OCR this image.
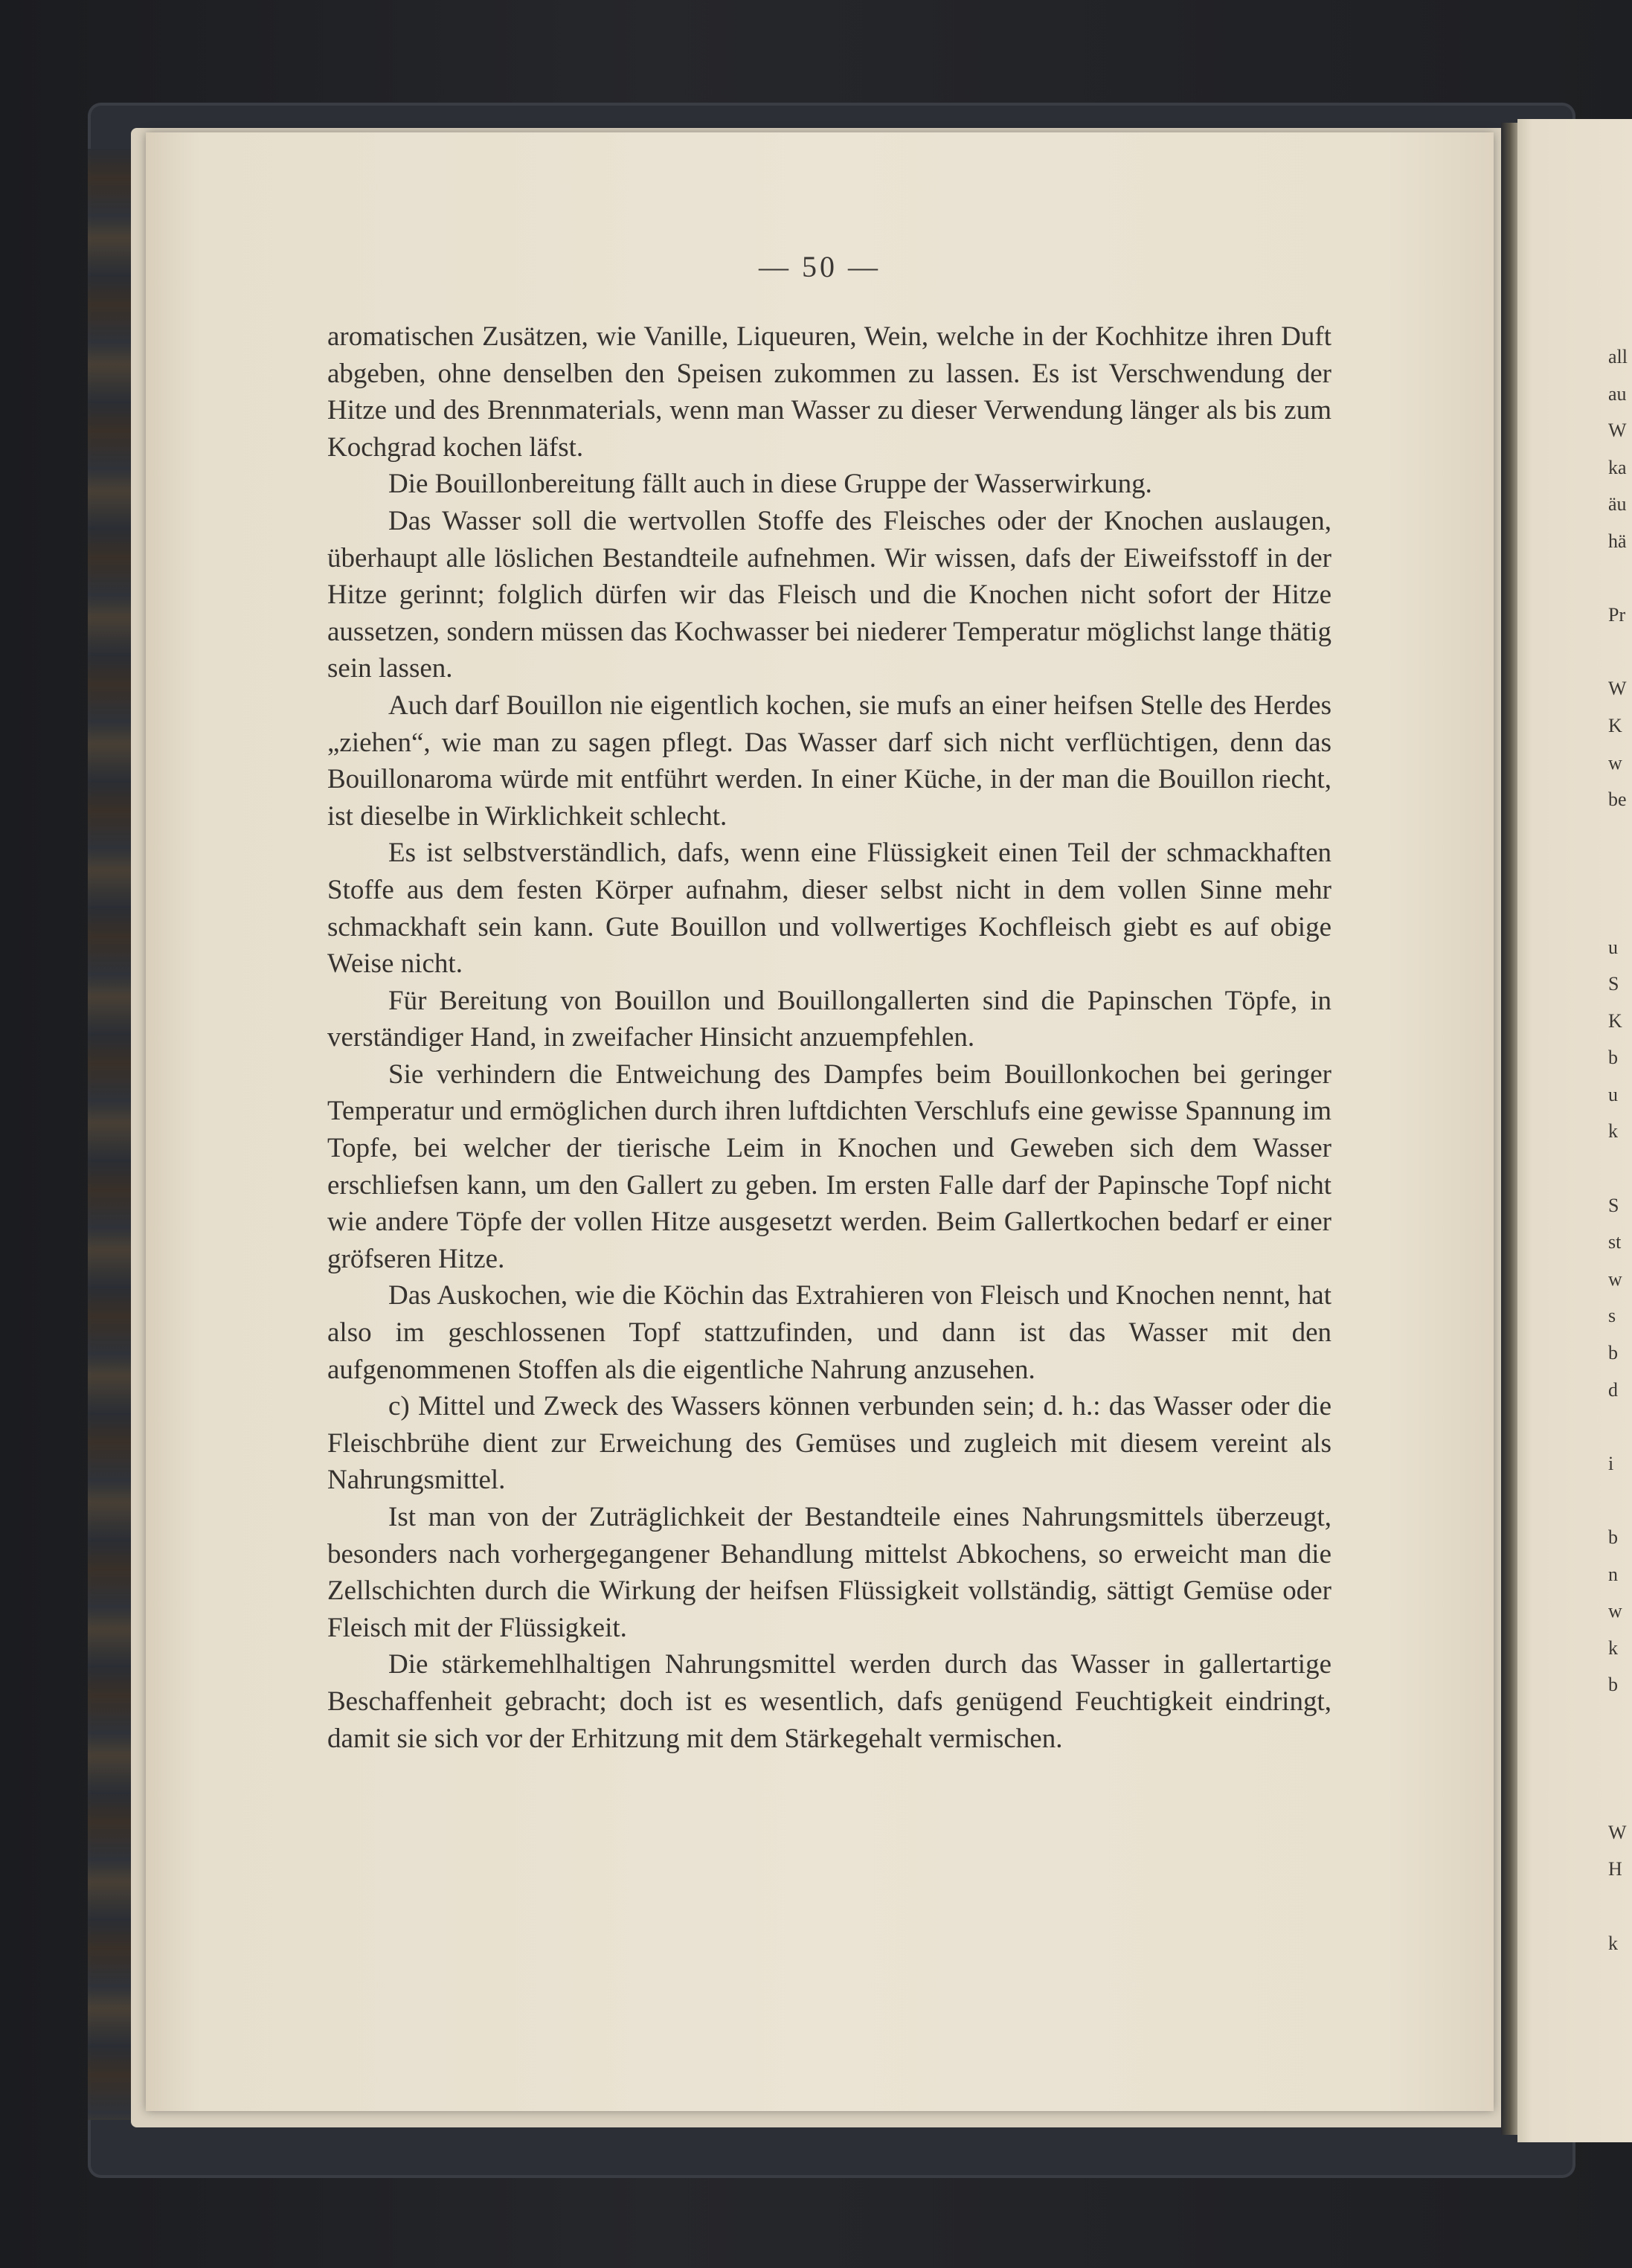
— 50 —

aromatischen Zusätzen, wie Vanille, Liqueuren, Wein, welche in der Kochhitze ihren Duft abgeben, ohne denselben den Speisen zukommen zu lassen. Es ist Verschwendung der Hitze und des Brennmaterials, wenn man Wasser zu dieser Verwendung länger als bis zum Kochgrad kochen läfst.

Die Bouillonbereitung fällt auch in diese Gruppe der Wasserwirkung.

Das Wasser soll die wertvollen Stoffe des Fleisches oder der Knochen auslaugen, überhaupt alle löslichen Bestandteile aufnehmen. Wir wissen, dafs der Eiweifsstoff in der Hitze gerinnt; folglich dürfen wir das Fleisch und die Knochen nicht sofort der Hitze aussetzen, sondern müssen das Kochwasser bei niederer Temperatur möglichst lange thätig sein lassen.

Auch darf Bouillon nie eigentlich kochen, sie mufs an einer heifsen Stelle des Herdes „ziehen“, wie man zu sagen pflegt. Das Wasser darf sich nicht verflüchtigen, denn das Bouillonaroma würde mit entführt werden. In einer Küche, in der man die Bouillon riecht, ist dieselbe in Wirklichkeit schlecht.

Es ist selbstverständlich, dafs, wenn eine Flüssigkeit einen Teil der schmackhaften Stoffe aus dem festen Körper aufnahm, dieser selbst nicht in dem vollen Sinne mehr schmackhaft sein kann. Gute Bouillon und vollwertiges Kochfleisch giebt es auf obige Weise nicht.

Für Bereitung von Bouillon und Bouillongallerten sind die Papinschen Töpfe, in verständiger Hand, in zweifacher Hinsicht anzuempfehlen.

Sie verhindern die Entweichung des Dampfes beim Bouillonkochen bei geringer Temperatur und ermöglichen durch ihren luftdichten Verschlufs eine gewisse Spannung im Topfe, bei welcher der tierische Leim in Knochen und Geweben sich dem Wasser erschliefsen kann, um den Gallert zu geben. Im ersten Falle darf der Papinsche Topf nicht wie andere Töpfe der vollen Hitze ausgesetzt werden. Beim Gallertkochen bedarf er einer gröfseren Hitze.

Das Auskochen, wie die Köchin das Extrahieren von Fleisch und Knochen nennt, hat also im geschlossenen Topf stattzufinden, und dann ist das Wasser mit den aufgenommenen Stoffen als die eigentliche Nahrung anzusehen.

c) Mittel und Zweck des Wassers können verbunden sein; d. h.: das Wasser oder die Fleischbrühe dient zur Erweichung des Gemüses und zugleich mit diesem vereint als Nahrungsmittel.

Ist man von der Zuträglichkeit der Bestandteile eines Nahrungsmittels überzeugt, besonders nach vorhergegangener Behandlung mittelst Abkochens, so erweicht man die Zellschichten durch die Wirkung der heifsen Flüssigkeit vollständig, sättigt Gemüse oder Fleisch mit der Flüssigkeit.

Die stärkemehlhaltigen Nahrungsmittel werden durch das Wasser in gallertartige Beschaffenheit gebracht; doch ist es wesentlich, dafs genügend Feuchtigkeit eindringt, damit sie sich vor der Erhitzung mit dem Stärkegehalt vermischen.

all
au
W
ka
äu
hä

Pr

W
K
w
be

u
S
K
b
u
k

S
st
w
s
b
d

i

b
n
w
k
b

W
H

k
